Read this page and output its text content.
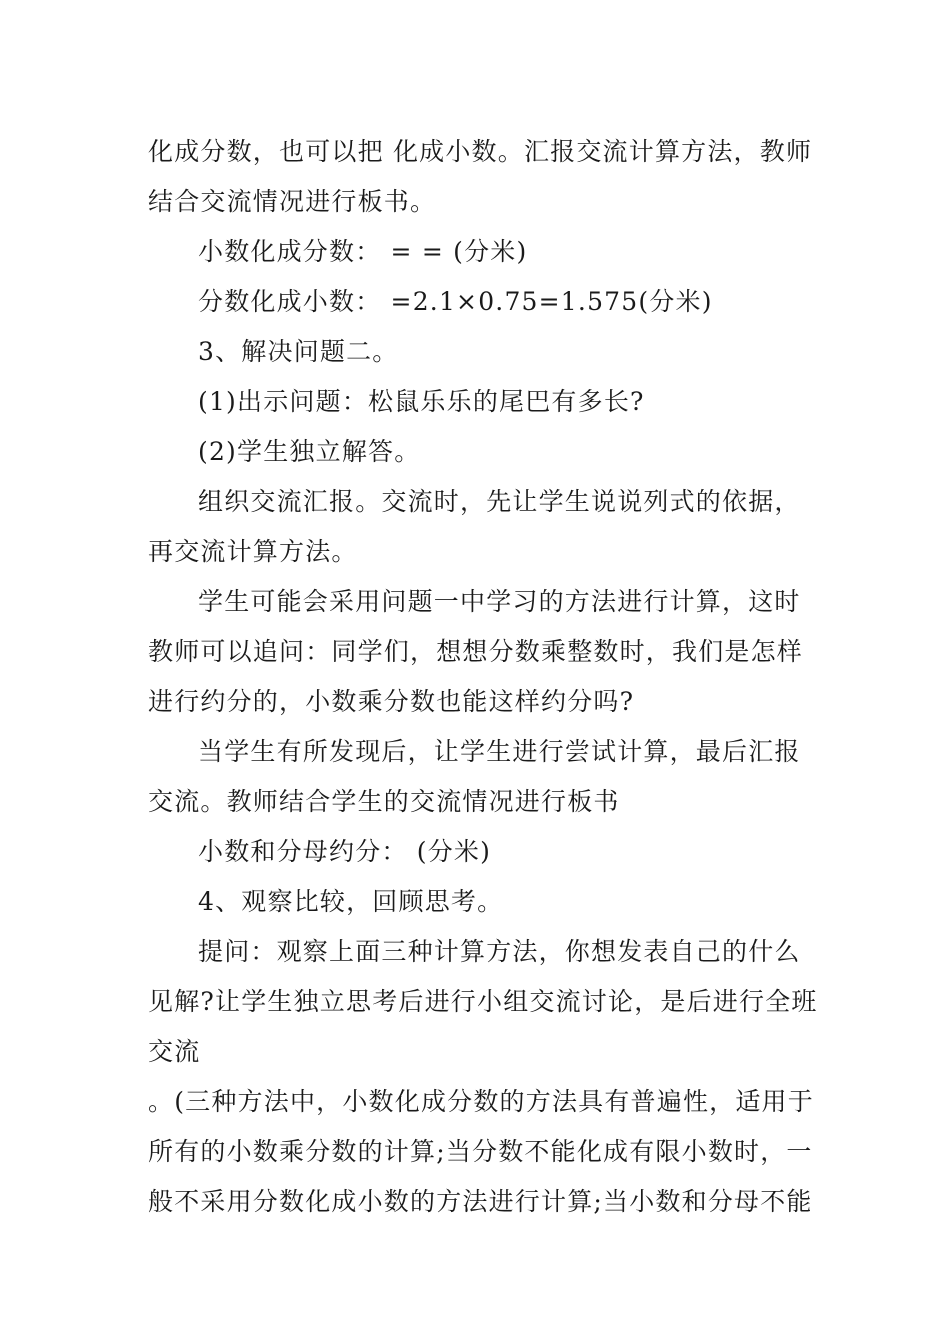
化成分数，也可以把 化成小数。汇报交流计算方法，教师
结合交流情况进行板书。
小数化成分数： = = (分米)
分数化成小数： =2.1×0.75=1.575(分米)
3、解决问题二。
(1)出示问题：松鼠乐乐的尾巴有多长?
(2)学生独立解答。
组织交流汇报。交流时，先让学生说说列式的依据，
再交流计算方法。
学生可能会采用问题一中学习的方法进行计算，这时
教师可以追问：同学们，想想分数乘整数时，我们是怎样
进行约分的，小数乘分数也能这样约分吗?
当学生有所发现后，让学生进行尝试计算，最后汇报
交流。教师结合学生的交流情况进行板书
小数和分母约分： (分米)
4、观察比较，回顾思考。
提问：观察上面三种计算方法，你想发表自己的什么
见解?让学生独立思考后进行小组交流讨论，是后进行全班
交流
。(三种方法中，小数化成分数的方法具有普遍性，适用于
所有的小数乘分数的计算;当分数不能化成有限小数时，一
般不采用分数化成小数的方法进行计算;当小数和分母不能
